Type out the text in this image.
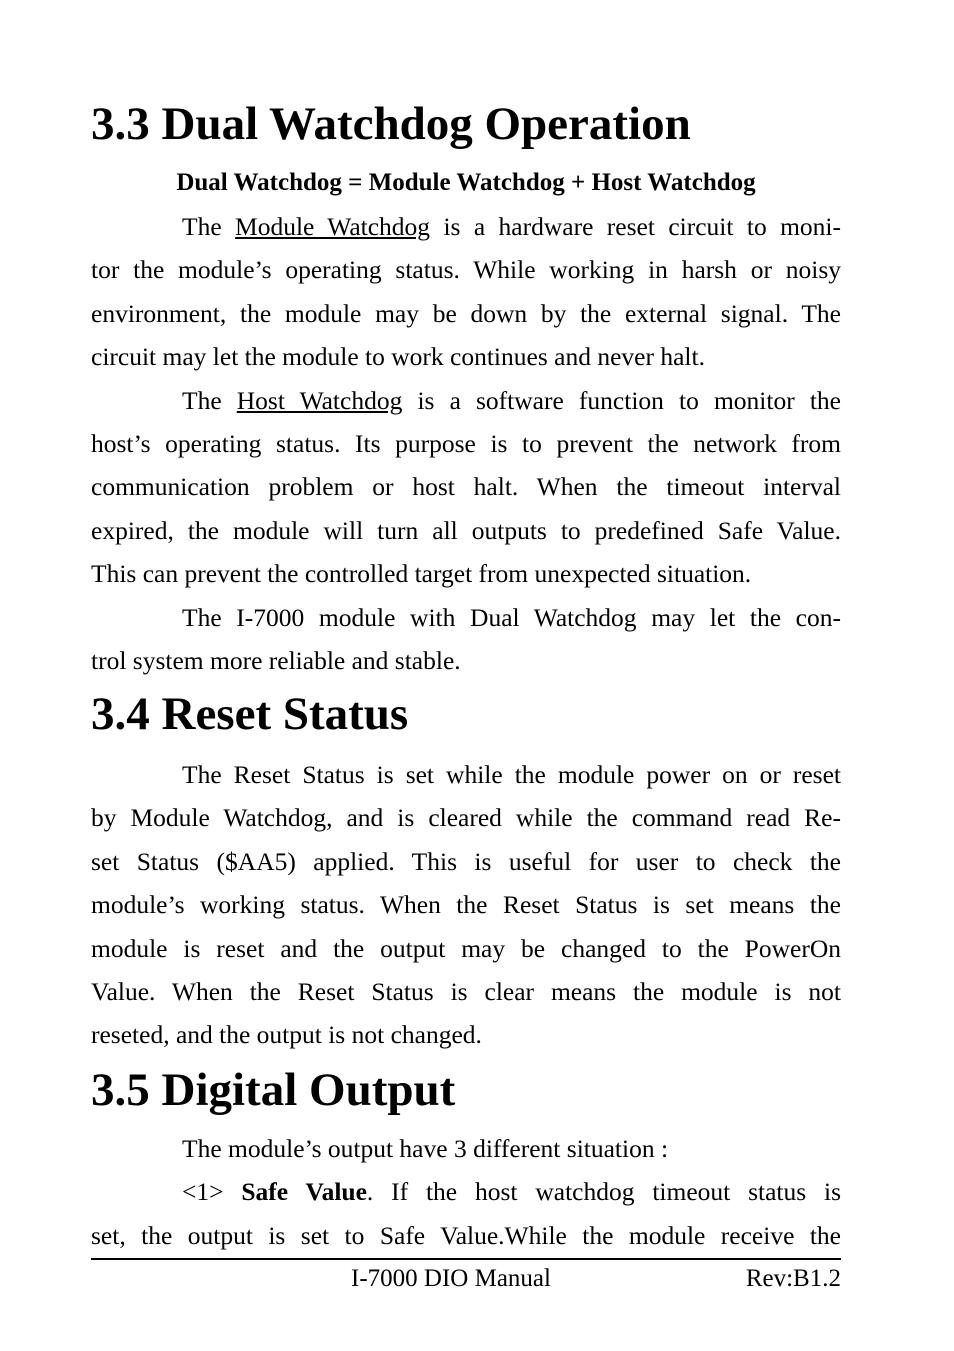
3.3 Dual Watchdog Operation
Dual Watchdog = Module Watchdog + Host Watchdog
The Module Watchdog is a hardware reset circuit to moni-
tor the module’s operating status. While working in harsh or noisy
environment, the module may be down by the external signal. The
circuit may let the module to work continues and never halt.
The Host Watchdog is a software function to monitor the
host’s operating status. Its purpose is to prevent the network from
communication problem or host halt. When the timeout interval
expired, the module will turn all outputs to predefined Safe Value.
This can prevent the controlled target from unexpected situation.
The I-7000 module with Dual Watchdog may let the con-
trol system more reliable and stable.
3.4 Reset Status
The Reset Status is set while the module power on or reset
by Module Watchdog, and is cleared while the command read Re-
set Status ($AA5) applied. This is useful for user to check the
module’s working status. When the Reset Status is set means the
module is reset and the output may be changed to the PowerOn
Value. When the Reset Status is clear means the module is not
reseted, and the output is not changed.
3.5 Digital Output
The module’s output have 3 different situation :
<1> Safe Value. If the host watchdog timeout status is
set, the output is set to Safe Value.While the module receive the
I-7000 DIO Manual	Rev:B1.2
